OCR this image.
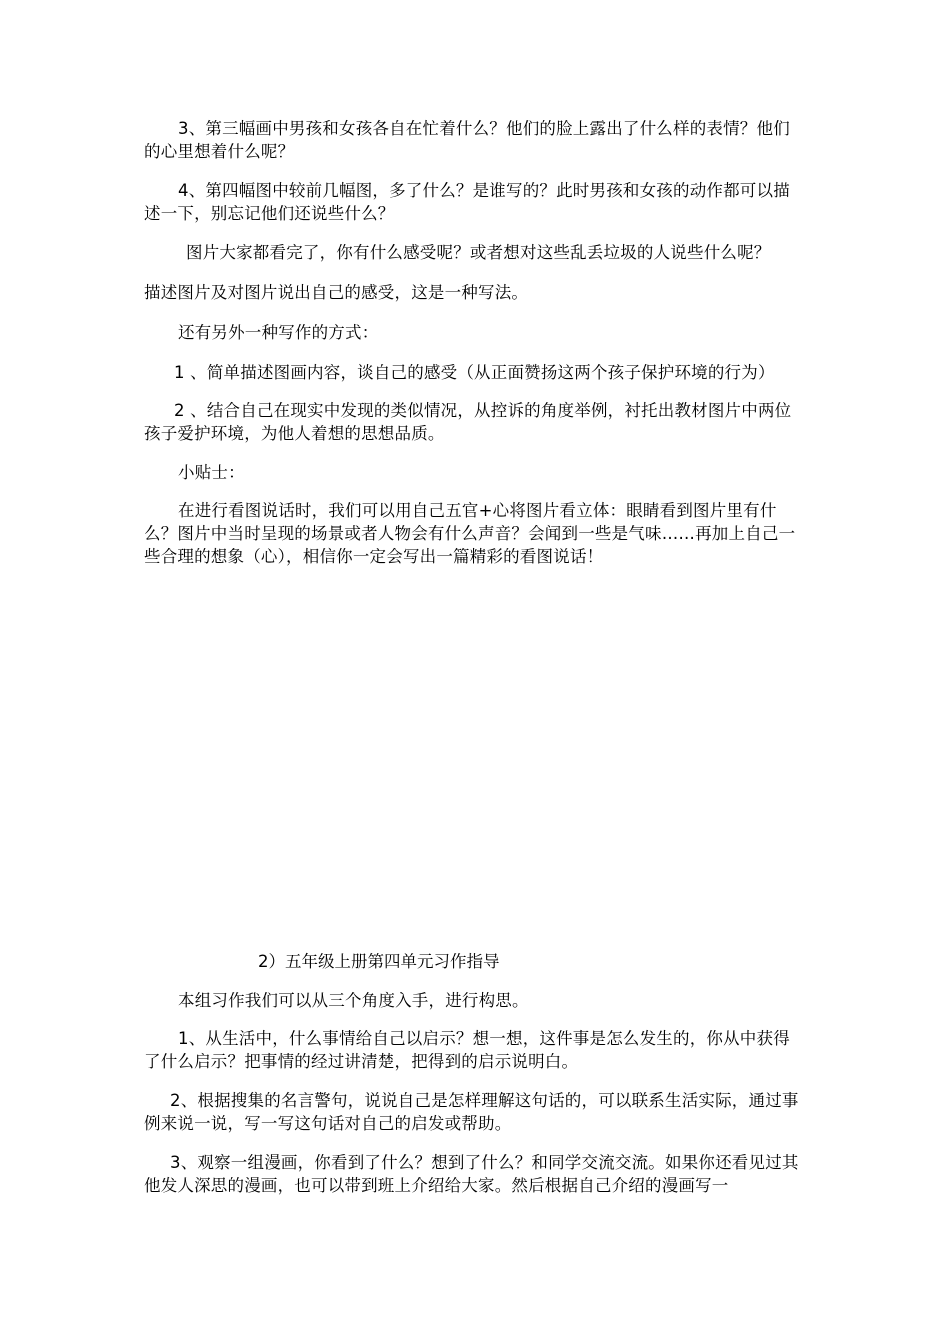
3、第三幅画中男孩和女孩各自在忙着什么？他们的脸上露出了什么样的表情？他们的心里想着什么呢？

4、第四幅图中较前几幅图，多了什么？是谁写的？此时男孩和女孩的动作都可以描述一下，别忘记他们还说些什么？

图片大家都看完了，你有什么感受呢？或者想对这些乱丢垃圾的人说些什么呢？

描述图片及对图片说出自己的感受，这是一种写法。

还有另外一种写作的方式：

1 、简单描述图画内容，谈自己的感受（从正面赞扬这两个孩子保护环境的行为）

2 、结合自己在现实中发现的类似情况，从控诉的角度举例，衬托出教材图片中两位孩子爱护环境，为他人着想的思想品质。

小贴士：

在进行看图说话时，我们可以用自己五官+心将图片看立体：眼睛看到图片里有什么？图片中当时呈现的场景或者人物会有什么声音？会闻到一些是气味……再加上自己一些合理的想象（心），相信你一定会写出一篇精彩的看图说话！

2）五年级上册第四单元习作指导

本组习作我们可以从三个角度入手，进行构思。

1、从生活中，什么事情给自己以启示？想一想，这件事是怎么发生的，你从中获得了什么启示？把事情的经过讲清楚，把得到的启示说明白。

2、根据搜集的名言警句，说说自己是怎样理解这句话的，可以联系生活实际，通过事例来说一说，写一写这句话对自己的启发或帮助。

3、观察一组漫画，你看到了什么？想到了什么？和同学交流交流。如果你还看见过其他发人深思的漫画，也可以带到班上介绍给大家。然后根据自己介绍的漫画写一
